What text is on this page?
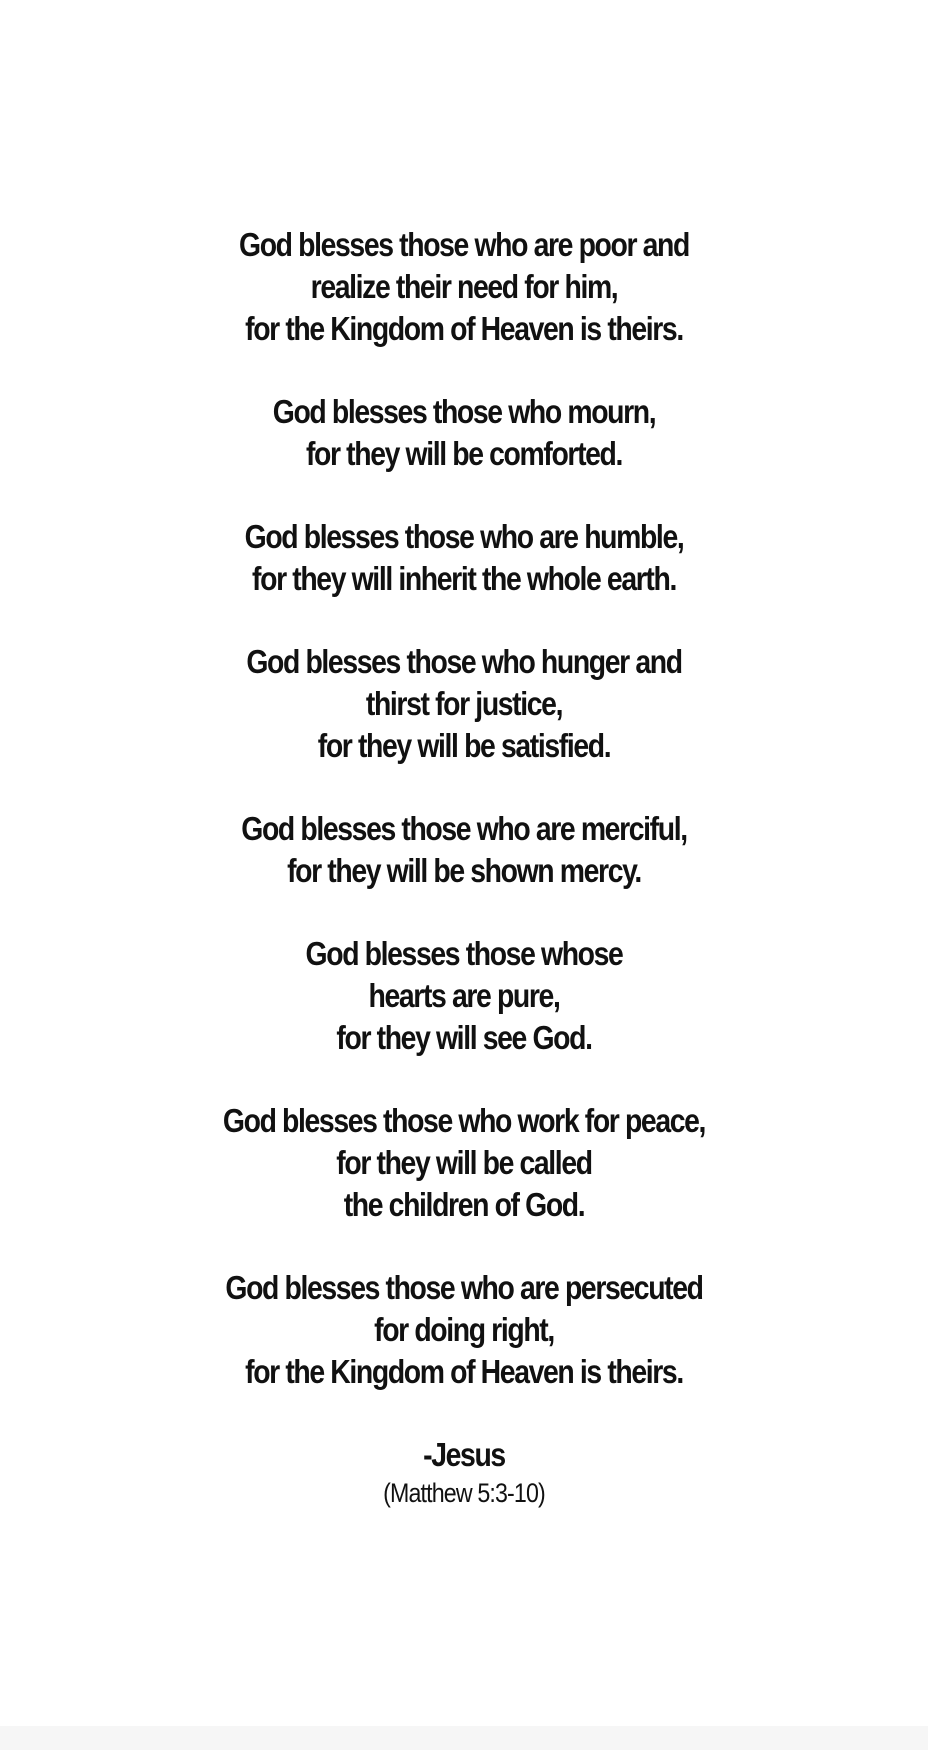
God blesses those who are poor and
realize their need for him,
for the Kingdom of Heaven is theirs.
God blesses those who mourn,
for they will be comforted.
God blesses those who are humble,
for they will inherit the whole earth.
God blesses those who hunger and
thirst for justice,
for they will be satisfied.
God blesses those who are merciful,
for they will be shown mercy.
God blesses those whose
hearts are pure,
for they will see God.
God blesses those who work for peace,
for they will be called
the children of God.
God blesses those who are persecuted
for doing right,
for the Kingdom of Heaven is theirs.
-Jesus
(Matthew 5:3-10)
